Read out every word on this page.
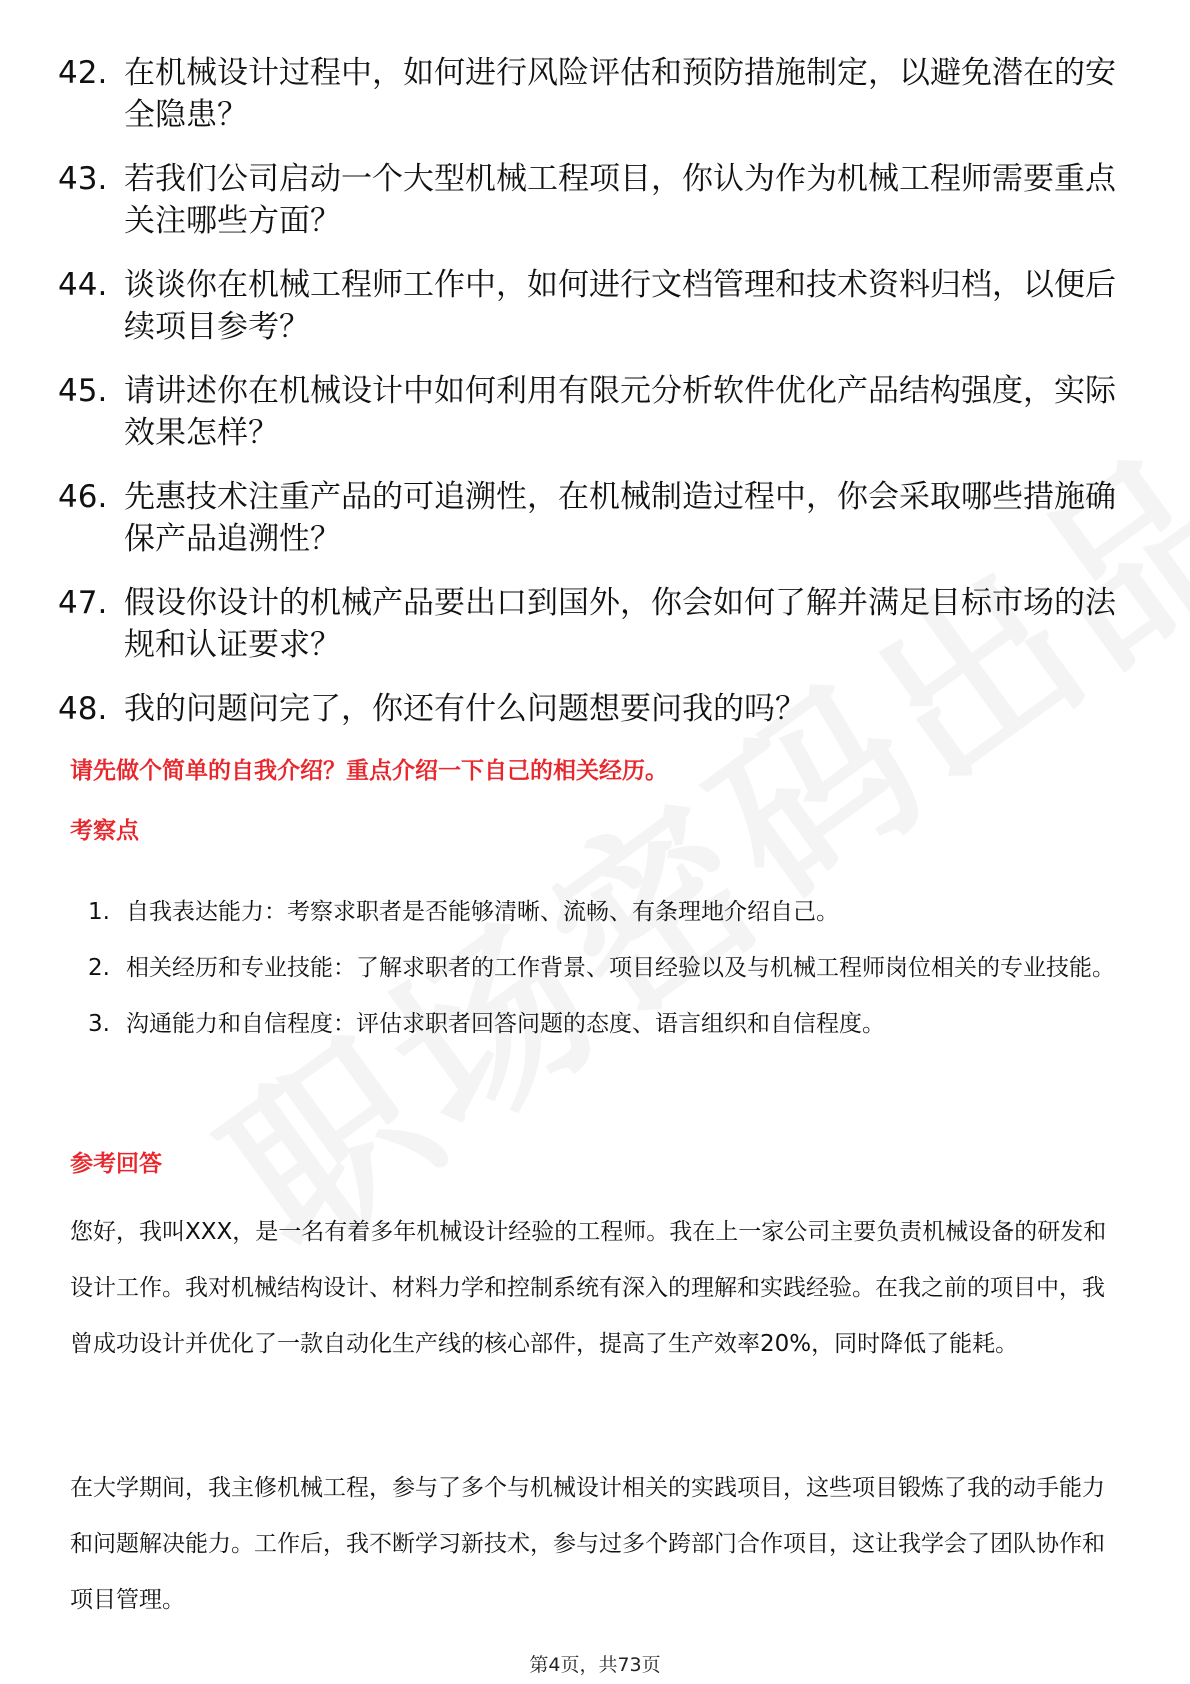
42. 在机械设计过程中，如何进行风险评估和预防措施制定，以避免潜在的安全隐患？
43. 若我们公司启动一个大型机械工程项目，你认为作为机械工程师需要重点关注哪些方面？
44. 谈谈你在机械工程师工作中，如何进行文档管理和技术资料归档，以便后续项目参考？
45. 请讲述你在机械设计中如何利用有限元分析软件优化产品结构强度，实际效果怎样？
46. 先惠技术注重产品的可追溯性，在机械制造过程中，你会采取哪些措施确保产品追溯性？
47. 假设你设计的机械产品要出口到国外，你会如何了解并满足目标市场的法规和认证要求？
48. 我的问题问完了，你还有什么问题想要问我的吗？
请先做个简单的自我介绍？重点介绍一下自己的相关经历。
考察点
1. 自我表达能力：考察求职者是否能够清晰、流畅、有条理地介绍自己。
2. 相关经历和专业技能：了解求职者的工作背景、项目经验以及与机械工程师岗位相关的专业技能。
3. 沟通能力和自信程度：评估求职者回答问题的态度、语言组织和自信程度。
参考回答
您好，我叫XXX，是一名有着多年机械设计经验的工程师。我在上一家公司主要负责机械设备的研发和设计工作。我对机械结构设计、材料力学和控制系统有深入的理解和实践经验。在我之前的项目中，我曾成功设计并优化了一款自动化生产线的核心部件，提高了生产效率20%，同时降低了能耗。
在大学期间，我主修机械工程，参与了多个与机械设计相关的实践项目，这些项目锻炼了我的动手能力和问题解决能力。工作后，我不断学习新技术，参与过多个跨部门合作项目，这让我学会了团队协作和项目管理。
第4页，共73页
